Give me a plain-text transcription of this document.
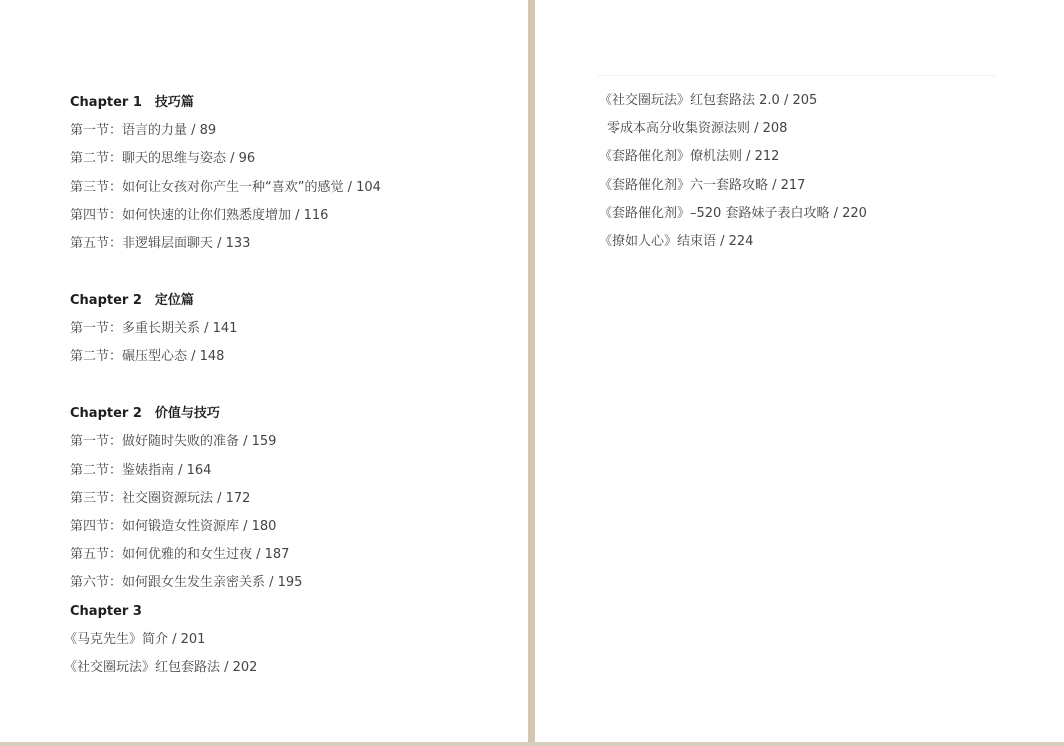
Chapter 1　技巧篇
第一节：语言的力量 / 89
第二节：聊天的思维与姿态 / 96
第三节：如何让女孩对你产生一种“喜欢”的感觉 / 104
第四节：如何快速的让你们熟悉度增加 / 116
第五节：非逻辑层面聊天 / 133
Chapter 2　定位篇
第一节：多重长期关系 / 141
第二节：碾压型心态 / 148
Chapter 2　价值与技巧
第一节：做好随时失败的准备 / 159
第二节：鉴婊指南 / 164
第三节：社交圈资源玩法 / 172
第四节：如何锻造女性资源库 / 180
第五节：如何优雅的和女生过夜 / 187
第六节：如何跟女生发生亲密关系 / 195
Chapter 3
《马克先生》简介 / 201
《社交圈玩法》红包套路法 / 202
《社交圈玩法》红包套路法 2.0 / 205
零成本高分收集资源法则 / 208
《套路催化剂》僚机法则 / 212
《套路催化剂》六一套路攻略 / 217
《套路催化剂》–520 套路妹子表白攻略 / 220
《撩如人心》结束语 / 224
